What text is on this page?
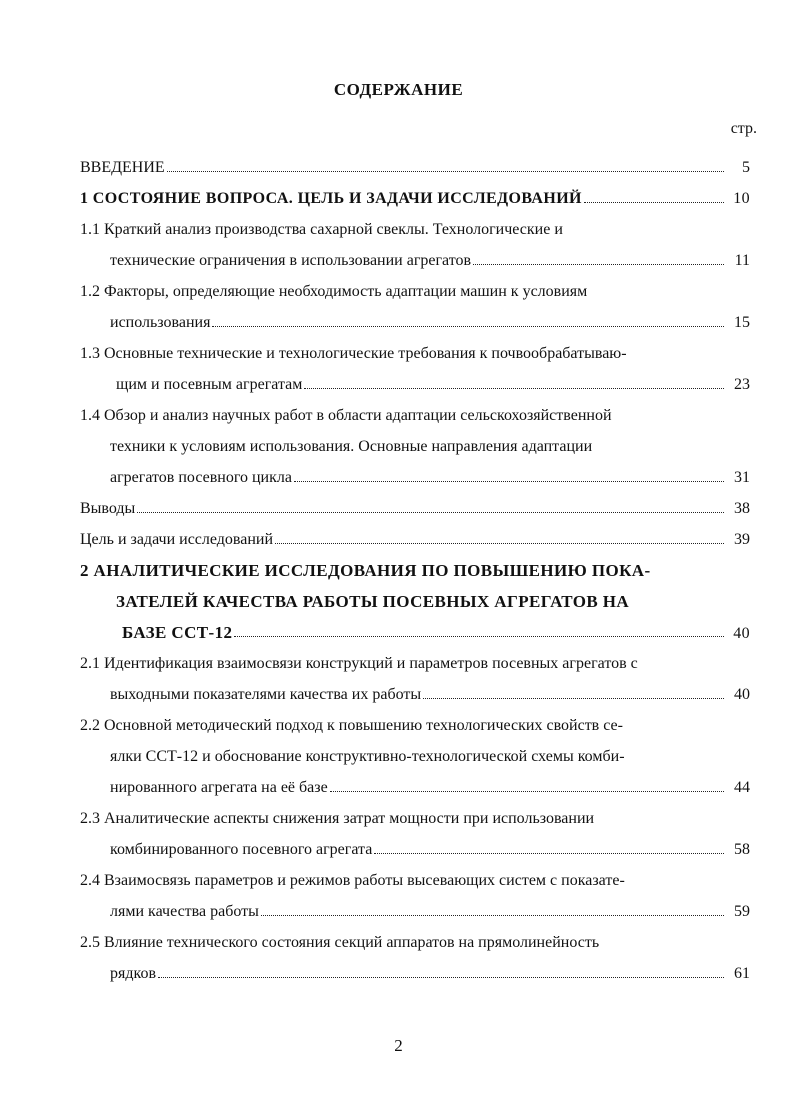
СОДЕРЖАНИЕ
стр.
ВВЕДЕНИЕ	5
1 СОСТОЯНИЕ ВОПРОСА. ЦЕЛЬ И ЗАДАЧИ ИССЛЕДОВАНИЙ	10
1.1 Краткий анализ производства сахарной свеклы. Технологические и
технические ограничения в использовании агрегатов	11
1.2 Факторы, определяющие необходимость адаптации машин к условиям
использования	15
1.3 Основные технические и технологические требования к почвообрабатываю-
щим и посевным агрегатам	23
1.4 Обзор и анализ научных работ в области адаптации сельскохозяйственной
техники к условиям использования. Основные направления адаптации
агрегатов посевного цикла	31
Выводы	38
Цель и задачи исследований	39
2 АНАЛИТИЧЕСКИЕ ИССЛЕДОВАНИЯ ПО ПОВЫШЕНИЮ ПОКА-
ЗАТЕЛЕЙ КАЧЕСТВА РАБОТЫ ПОСЕВНЫХ АГРЕГАТОВ НА
БАЗЕ ССТ-12	40
2.1 Идентификация взаимосвязи конструкций и параметров посевных агрегатов с
выходными показателями качества их работы	40
2.2 Основной методический подход к повышению технологических свойств се-
ялки ССТ-12 и обоснование конструктивно-технологической схемы комби-
нированного агрегата на её базе	44
2.3 Аналитические аспекты снижения затрат мощности при использовании
комбинированного посевного агрегата	58
2.4 Взаимосвязь параметров и режимов работы высевающих систем с показате-
лями качества работы	59
2.5 Влияние технического состояния секций аппаратов на прямолинейность
рядков	61
2
